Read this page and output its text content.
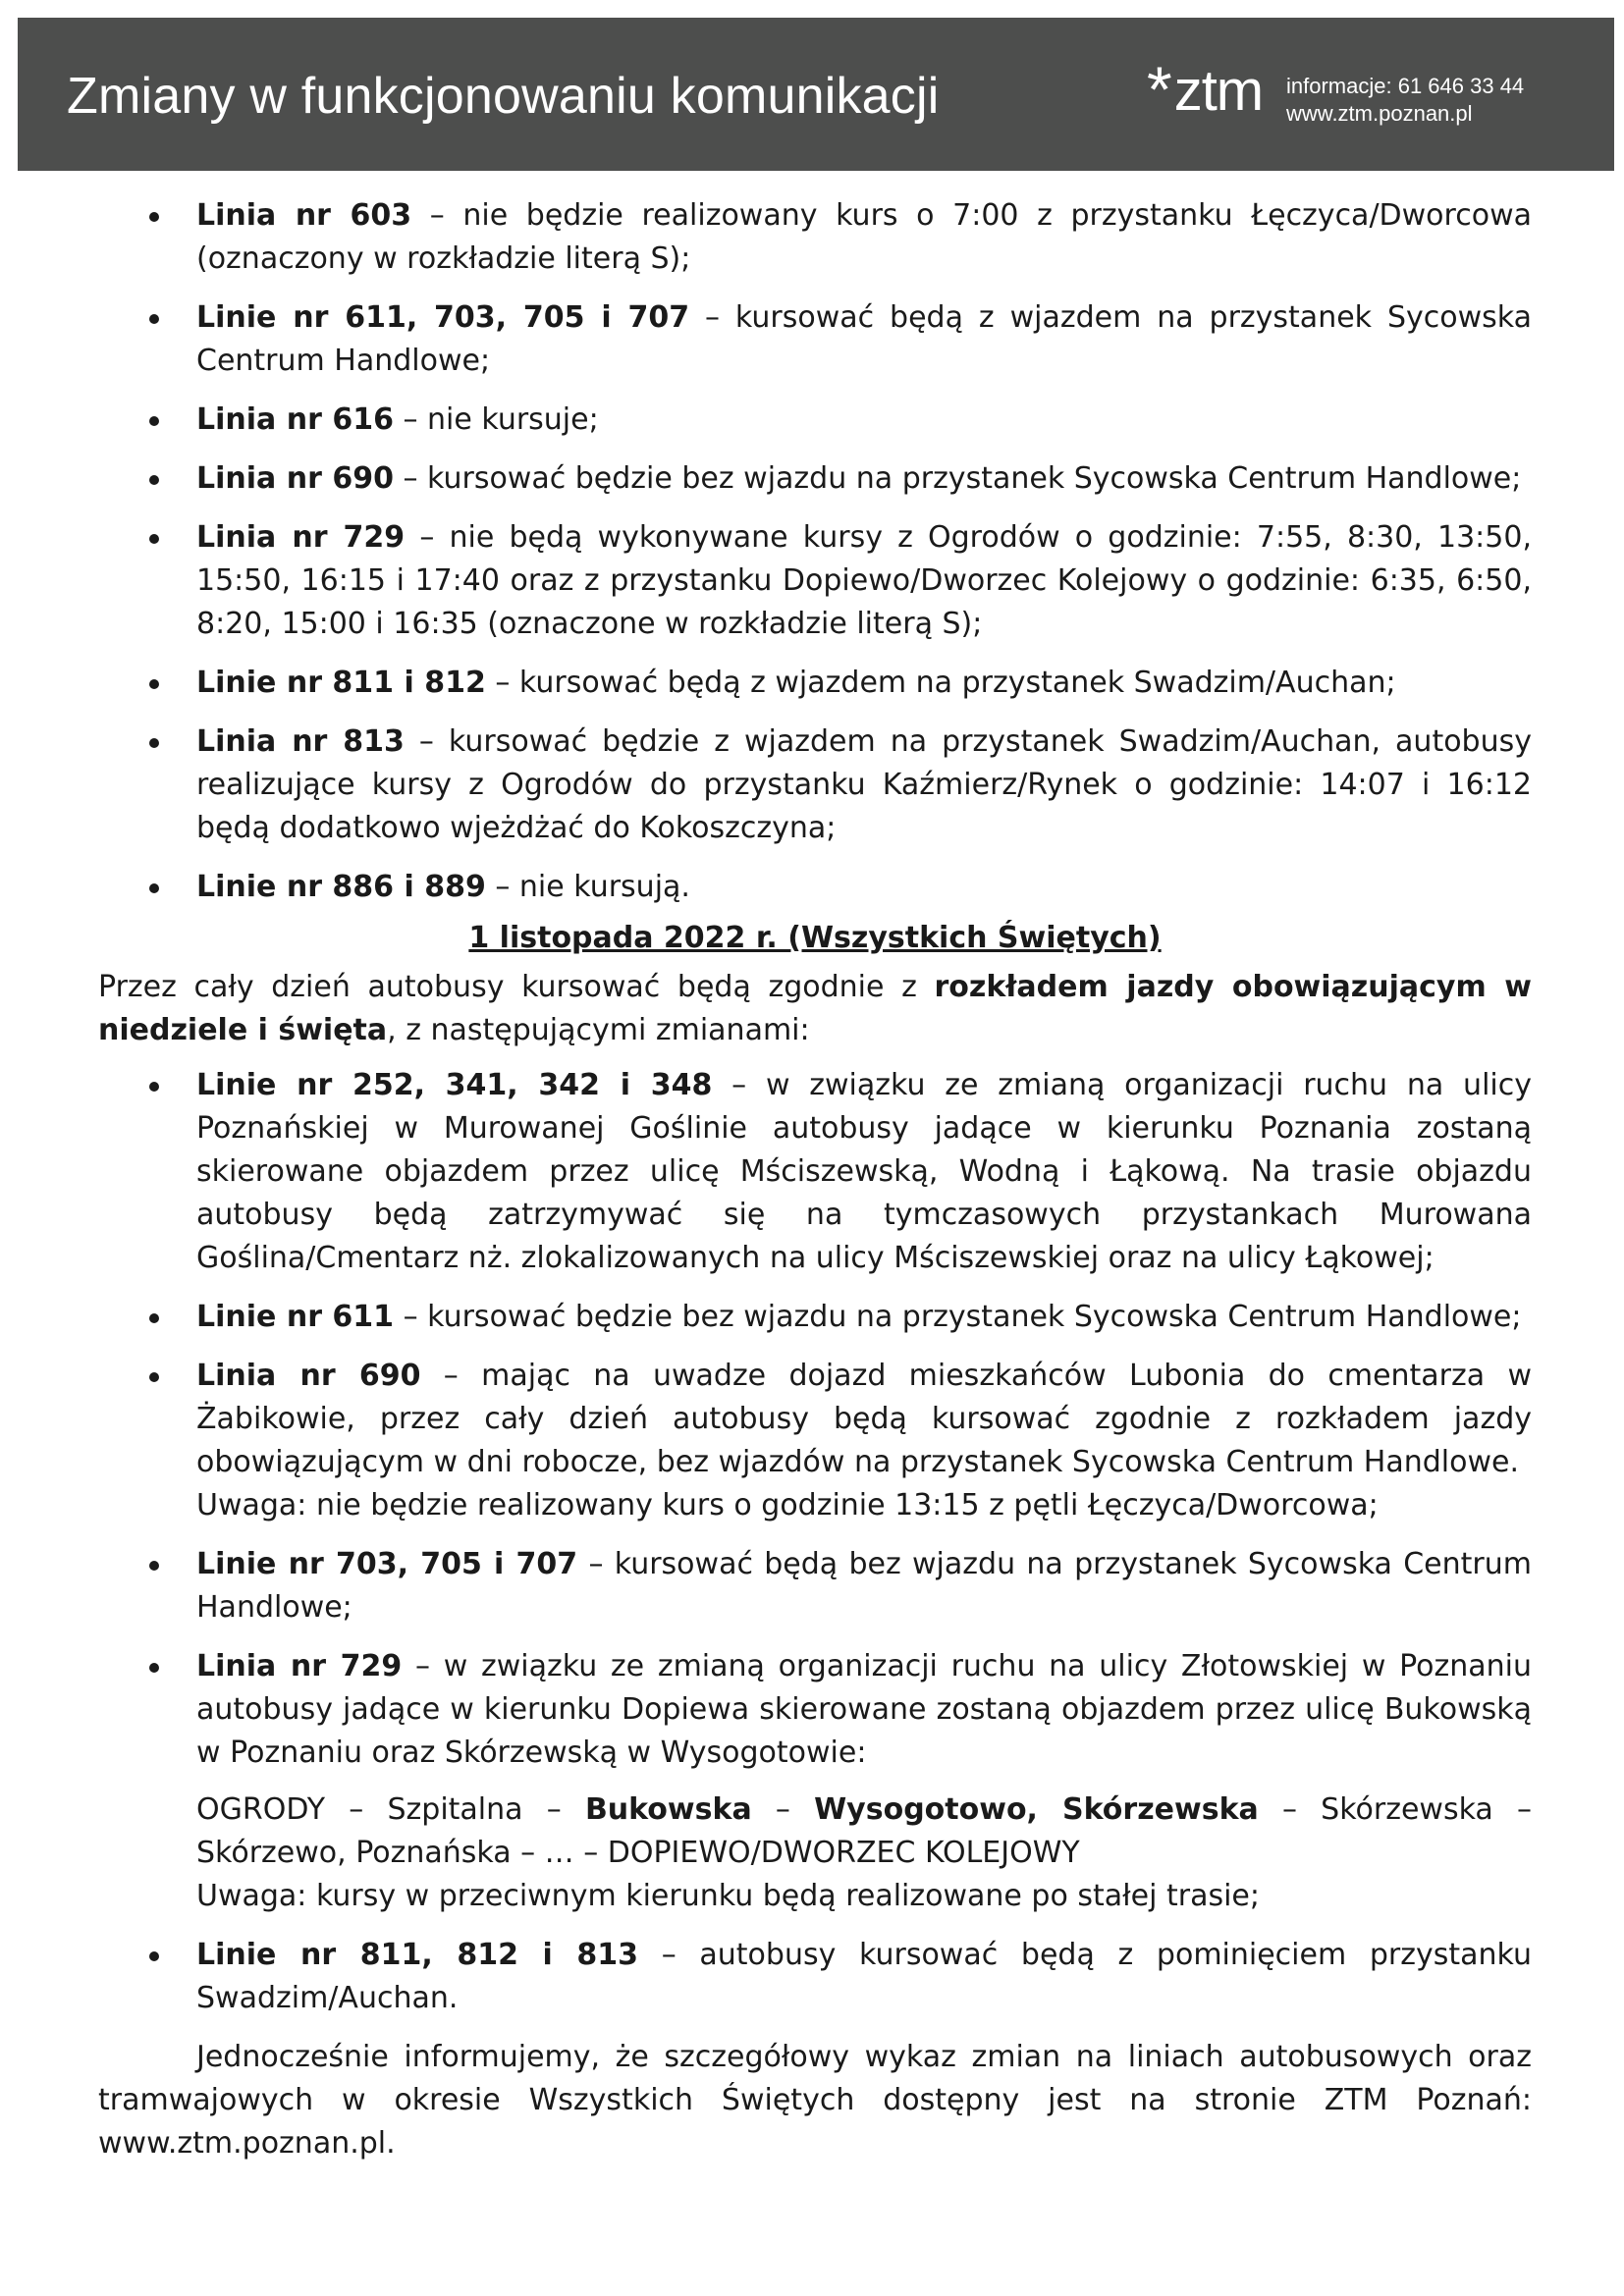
Zmiany w funkcjonowaniu komunikacji	* ztm informacje: 61 646 33 44
www.ztm.poznan.pl
Linia nr 603 – nie będzie realizowany kurs o 7:00 z przystanku Łęczyca/Dworcowa (oznaczony w rozkładzie literą S);
Linie nr 611, 703, 705 i 707 – kursować będą z wjazdem na przystanek Sycowska Centrum Handlowe;
Linia nr 616 – nie kursuje;
Linia nr 690 – kursować będzie bez wjazdu na przystanek Sycowska Centrum Handlowe;
Linia nr 729 – nie będą wykonywane kursy z Ogrodów o godzinie: 7:55, 8:30, 13:50, 15:50, 16:15 i 17:40 oraz z przystanku Dopiewo/Dworzec Kolejowy o godzinie: 6:35, 6:50, 8:20, 15:00 i 16:35 (oznaczone w rozkładzie literą S);
Linie nr 811 i 812 – kursować będą z wjazdem na przystanek Swadzim/Auchan;
Linia nr 813 – kursować będzie z wjazdem na przystanek Swadzim/Auchan, autobusy realizujące kursy z Ogrodów do przystanku Kaźmierz/Rynek o godzinie: 14:07 i 16:12 będą dodatkowo wjeżdżać do Kokoszczyna;
Linie nr 886 i 889 – nie kursują.
1 listopada 2022 r. (Wszystkich Świętych)

Przez cały dzień autobusy kursować będą zgodnie z rozkładem jazdy obowiązującym w niedziele i święta, z następującymi zmianami:

Linie nr 252, 341, 342 i 348 – w związku ze zmianą organizacji ruchu na ulicy Poznańskiej w Murowanej Goślinie autobusy jadące w kierunku Poznania zostaną skierowane objazdem przez ulicę Mściszewską, Wodną i Łąkową. Na trasie objazdu autobusy będą zatrzymywać się na tymczasowych przystankach Murowana Goślina/Cmentarz nż. zlokalizowanych na ulicy Mściszewskiej oraz na ulicy Łąkowej;
Linie nr 611 – kursować będzie bez wjazdu na przystanek Sycowska Centrum Handlowe;
Linia nr 690 – mając na uwadze dojazd mieszkańców Lubonia do cmentarza w Żabikowie, przez cały dzień autobusy będą kursować zgodnie z rozkładem jazdy obowiązującym w dni robocze, bez wjazdów na przystanek Sycowska Centrum Handlowe.
Uwaga: nie będzie realizowany kurs o godzinie 13:15 z pętli Łęczyca/Dworcowa;
Linie nr 703, 705 i 707 – kursować będą bez wjazdu na przystanek Sycowska Centrum Handlowe;
Linia nr 729 – w związku ze zmianą organizacji ruchu na ulicy Złotowskiej w Poznaniu autobusy jadące w kierunku Dopiewa skierowane zostaną objazdem przez ulicę Bukowską w Poznaniu oraz Skórzewską w Wysogotowie:
OGRODY – Szpitalna – Bukowska – Wysogotowo, Skórzewska – Skórzewska – Skórzewo, Poznańska – … – DOPIEWO/DWORZEC KOLEJOWY
Uwaga: kursy w przeciwnym kierunku będą realizowane po stałej trasie;
Linie nr 811, 812 i 813 – autobusy kursować będą z pominięciem przystanku Swadzim/Auchan.

Jednocześnie informujemy, że szczegółowy wykaz zmian na liniach autobusowych oraz tramwajowych w okresie Wszystkich Świętych dostępny jest na stronie ZTM Poznań: www.ztm.poznan.pl.
